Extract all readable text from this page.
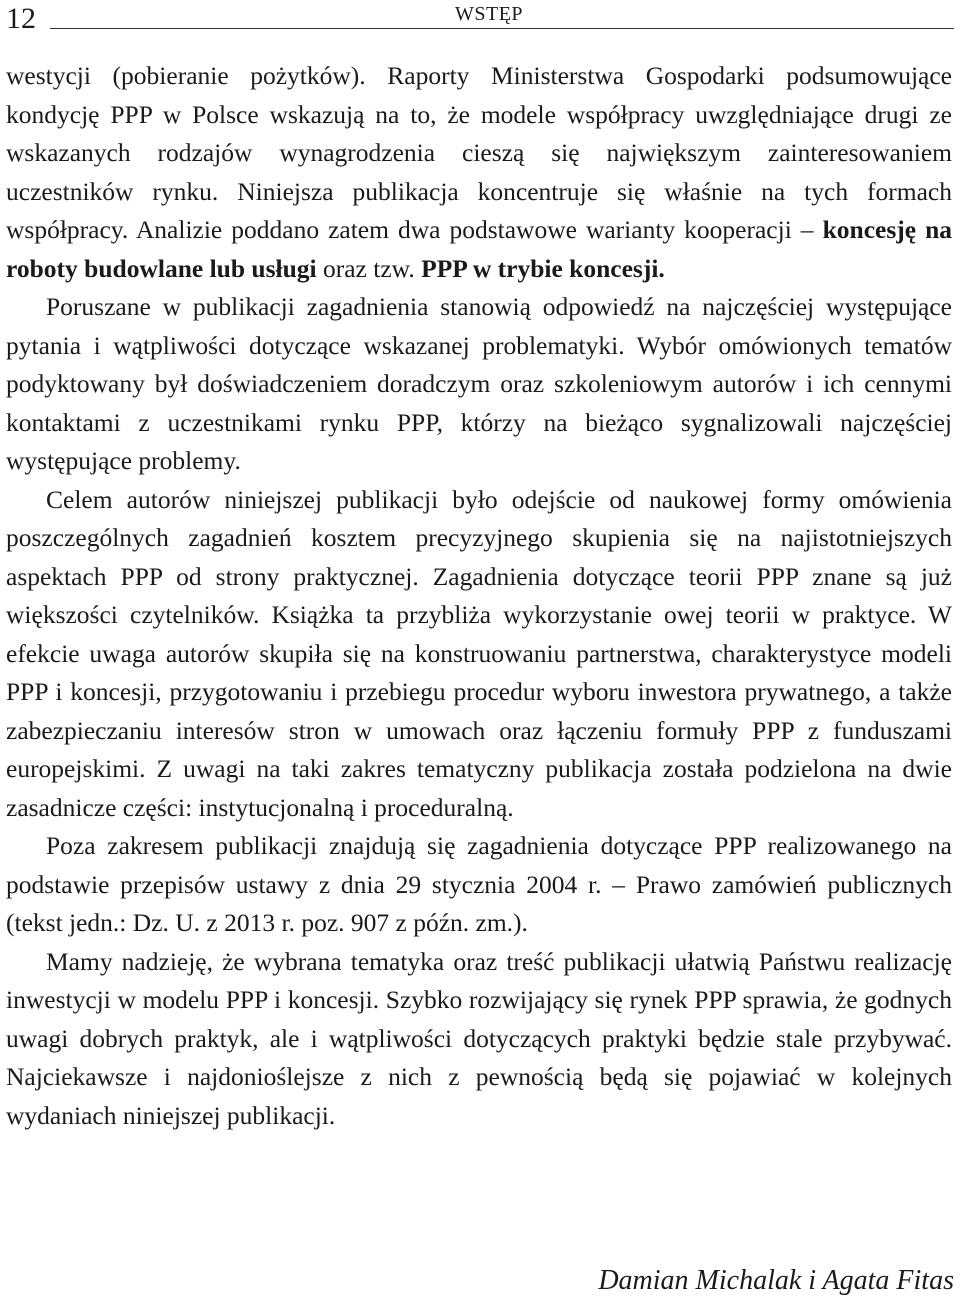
12	WSTĘP

westycji (pobieranie pożytków). Raporty Ministerstwa Gospodarki podsumowujące kondycję PPP w Polsce wskazują na to, że modele współpracy uwzględniające drugi ze wskazanych rodzajów wynagrodzenia cieszą się największym zainteresowaniem uczestników rynku. Niniejsza publikacja koncentruje się właśnie na tych formach współpracy. Analizie poddano zatem dwa podstawowe warianty kooperacji – koncesję na roboty budowlane lub usługi oraz tzw. PPP w trybie koncesji.

Poruszane w publikacji zagadnienia stanowią odpowiedź na najczęściej występujące pytania i wątpliwości dotyczące wskazanej problematyki. Wybór omówionych tematów podyktowany był doświadczeniem doradczym oraz szkoleniowym autorów i ich cennymi kontaktami z uczestnikami rynku PPP, którzy na bieżąco sygnalizowali najczęściej występujące problemy.

Celem autorów niniejszej publikacji było odejście od naukowej formy omówienia poszczególnych zagadnień kosztem precyzyjnego skupienia się na najistotniejszych aspektach PPP od strony praktycznej. Zagadnienia dotyczące teorii PPP znane są już większości czytelników. Książka ta przybliża wykorzystanie owej teorii w praktyce. W efekcie uwaga autorów skupiła się na konstruowaniu partnerstwa, charakterystyce modeli PPP i koncesji, przygotowaniu i przebiegu procedur wyboru inwestora prywatnego, a także zabezpieczaniu interesów stron w umowach oraz łączeniu formuły PPP z funduszami europejskimi. Z uwagi na taki zakres tematyczny publikacja została podzielona na dwie zasadnicze części: instytucjonalną i proceduralną.

Poza zakresem publikacji znajdują się zagadnienia dotyczące PPP realizowanego na podstawie przepisów ustawy z dnia 29 stycznia 2004 r. – Prawo zamówień publicznych (tekst jedn.: Dz. U. z 2013 r. poz. 907 z późn. zm.).

Mamy nadzieję, że wybrana tematyka oraz treść publikacji ułatwią Państwu realizację inwestycji w modelu PPP i koncesji. Szybko rozwijający się rynek PPP sprawia, że godnych uwagi dobrych praktyk, ale i wątpliwości dotyczących praktyki będzie stale przybywać. Najciekawsze i najdonioślejsze z nich z pewnością będą się pojawiać w kolejnych wydaniach niniejszej publikacji.

Damian Michalak i Agata Fitas
